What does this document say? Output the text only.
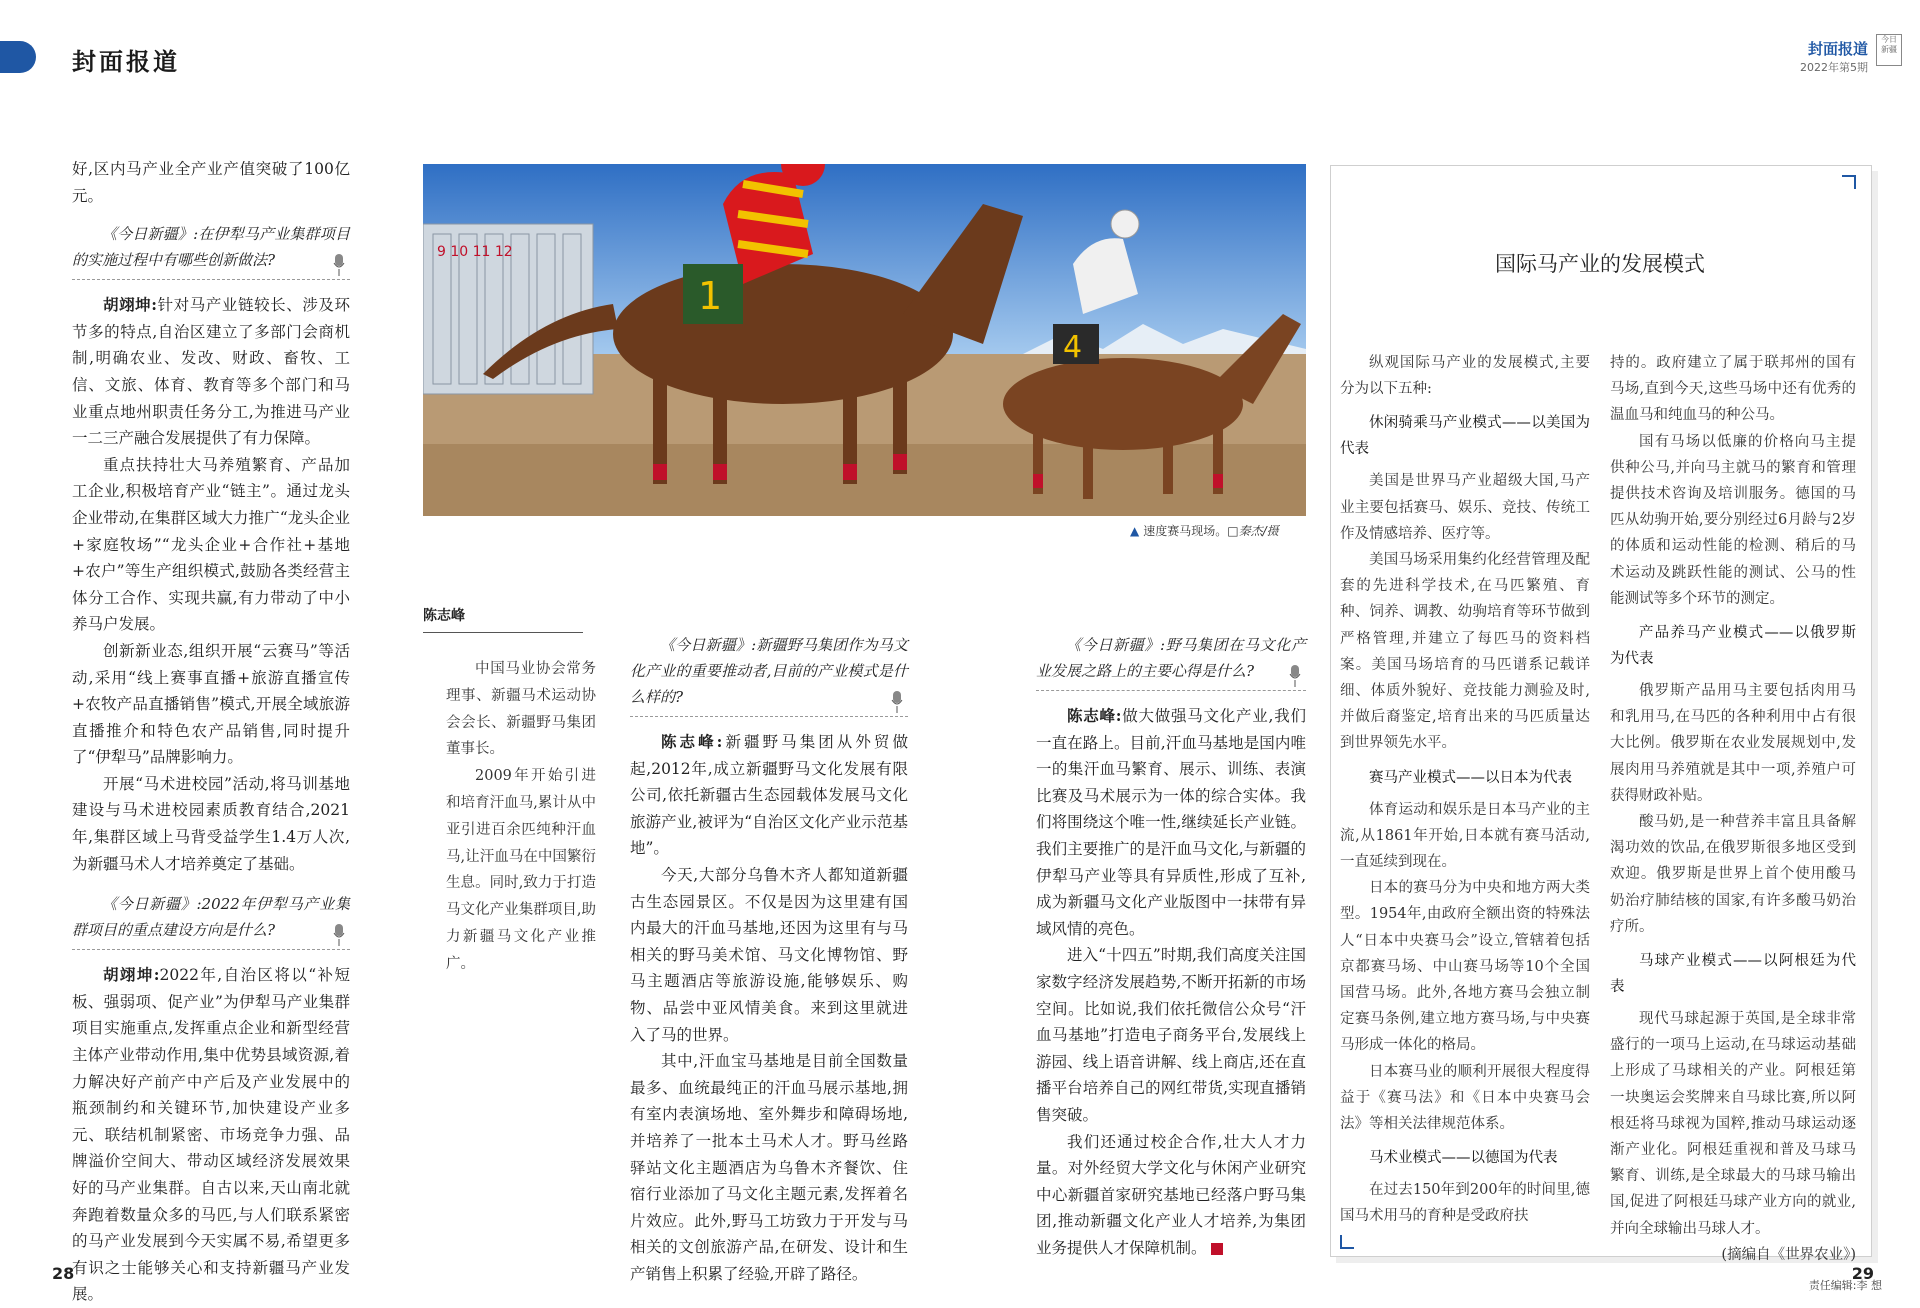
封面报道	封面报道
2022年第5期
今日
新疆

好,区内马产业全产业产值突破了100亿元。

《今日新疆》:在伊犁马产业集群项目的实施过程中有哪些创新做法?

胡翊坤:针对马产业链较长、涉及环节多的特点,自治区建立了多部门会商机制,明确农业、发改、财政、畜牧、工信、文旅、体育、教育等多个部门和马业重点地州职责任务分工,为推进马产业一二三产融合发展提供了有力保障。

重点扶持壮大马养殖繁育、产品加工企业,积极培育产业“链主”。通过龙头企业带动,在集群区域大力推广“龙头企业+家庭牧场”“龙头企业+合作社+基地+农户”等生产组织模式,鼓励各类经营主体分工合作、实现共赢,有力带动了中小养马户发展。

创新新业态,组织开展“云赛马”等活动,采用“线上赛事直播+旅游直播宣传+农牧产品直播销售”模式,开展全域旅游直播推介和特色农产品销售,同时提升了“伊犁马”品牌影响力。

开展“马术进校园”活动,将马训基地建设与马术进校园素质教育结合,2021年,集群区域上马背受益学生1.4万人次,为新疆马术人才培养奠定了基础。

《今日新疆》:2022年伊犁马产业集群项目的重点建设方向是什么?

胡翊坤:2022年,自治区将以“补短板、强弱项、促产业”为伊犁马产业集群项目实施重点,发挥重点企业和新型经营主体产业带动作用,集中优势县域资源,着力解决好产前产中产后及产业发展中的瓶颈制约和关键环节,加快建设产业多元、联结机制紧密、市场竞争力强、品牌溢价空间大、带动区域经济发展效果好的马产业集群。自古以来,天山南北就奔跑着数量众多的马匹,与人们联系紧密的马产业发展到今天实属不易,希望更多有识之士能够关心和支持新疆马产业发展。

9 10 11 12
1
4
▲ 速度赛马现场。□秦杰/摄
陈志峰

中国马业协会常务理事、新疆马术运动协会会长、新疆野马集团董事长。

2009年开始引进和培育汗血马,累计从中亚引进百余匹纯种汗血马,让汗血马在中国繁衍生息。同时,致力于打造马文化产业集群项目,助力新疆马文化产业推广。

《今日新疆》:新疆野马集团作为马文化产业的重要推动者,目前的产业模式是什么样的?

陈志峰:新疆野马集团从外贸做起,2012年,成立新疆野马文化发展有限公司,依托新疆古生态园载体发展马文化旅游产业,被评为“自治区文化产业示范基地”。

今天,大部分乌鲁木齐人都知道新疆古生态园景区。不仅是因为这里建有国内最大的汗血马基地,还因为这里有与马相关的野马美术馆、马文化博物馆、野马主题酒店等旅游设施,能够娱乐、购物、品尝中亚风情美食。来到这里就进入了马的世界。

其中,汗血宝马基地是目前全国数量最多、血统最纯正的汗血马展示基地,拥有室内表演场地、室外舞步和障碍场地,并培养了一批本土马术人才。野马丝路驿站文化主题酒店为乌鲁木齐餐饮、住宿行业添加了马文化主题元素,发挥着名片效应。此外,野马工坊致力于开发与马相关的文创旅游产品,在研发、设计和生产销售上积累了经验,开辟了路径。

《今日新疆》:野马集团在马文化产业发展之路上的主要心得是什么?

陈志峰:做大做强马文化产业,我们一直在路上。目前,汗血马基地是国内唯一的集汗血马繁育、展示、训练、表演比赛及马术展示为一体的综合实体。我们将围绕这个唯一性,继续延长产业链。我们主要推广的是汗血马文化,与新疆的伊犁马产业等具有异质性,形成了互补,成为新疆马文化产业版图中一抹带有异域风情的亮色。

进入“十四五”时期,我们高度关注国家数字经济发展趋势,不断开拓新的市场空间。比如说,我们依托微信公众号“汗血马基地”打造电子商务平台,发展线上游园、线上语音讲解、线上商店,还在直播平台培养自己的网红带货,实现直播销售突破。

我们还通过校企合作,壮大人才力量。对外经贸大学文化与休闲产业研究中心新疆首家研究基地已经落户野马集团,推动新疆文化产业人才培养,为集团业务提供人才保障机制。

国际马产业的发展模式

纵观国际马产业的发展模式,主要分为以下五种:

休闲骑乘马产业模式——以美国为代表

美国是世界马产业超级大国,马产业主要包括赛马、娱乐、竞技、传统工作及情感培养、医疗等。

美国马场采用集约化经营管理及配套的先进科学技术,在马匹繁殖、育种、饲养、调教、幼驹培育等环节做到严格管理,并建立了每匹马的资料档案。美国马场培育的马匹谱系记载详细、体质外貌好、竞技能力测验及时,并做后裔鉴定,培育出来的马匹质量达到世界领先水平。

赛马产业模式——以日本为代表

体育运动和娱乐是日本马产业的主流,从1861年开始,日本就有赛马活动,一直延续到现在。

日本的赛马分为中央和地方两大类型。1954年,由政府全额出资的特殊法人“日本中央赛马会”设立,管辖着包括京都赛马场、中山赛马场等10个全国国营马场。此外,各地方赛马会独立制定赛马条例,建立地方赛马场,与中央赛马形成一体化的格局。

日本赛马业的顺利开展很大程度得益于《赛马法》和《日本中央赛马会法》等相关法律规范体系。

马术业模式——以德国为代表

在过去150年到200年的时间里,德国马术用马的育种是受政府扶

持的。政府建立了属于联邦州的国有马场,直到今天,这些马场中还有优秀的温血马和纯血马的种公马。

国有马场以低廉的价格向马主提供种公马,并向马主就马的繁育和管理提供技术咨询及培训服务。德国的马匹从幼驹开始,要分别经过6月龄与2岁的体质和运动性能的检测、稍后的马术运动及跳跃性能的测试、公马的性能测试等多个环节的测定。

产品养马产业模式——以俄罗斯为代表

俄罗斯产品用马主要包括肉用马和乳用马,在马匹的各种利用中占有很大比例。俄罗斯在农业发展规划中,发展肉用马养殖就是其中一项,养殖户可获得财政补贴。

酸马奶,是一种营养丰富且具备解渴功效的饮品,在俄罗斯很多地区受到欢迎。俄罗斯是世界上首个使用酸马奶治疗肺结核的国家,有许多酸马奶治疗所。

马球产业模式——以阿根廷为代表

现代马球起源于英国,是全球非常盛行的一项马上运动,在马球运动基础上形成了马球相关的产业。阿根廷第一块奥运会奖牌来自马球比赛,所以阿根廷将马球视为国粹,推动马球运动逐渐产业化。阿根廷重视和普及马球马繁育、训练,是全球最大的马球马输出国,促进了阿根廷马球产业方向的就业,并向全球输出马球人才。

(摘编自《世界农业》)

责任编辑:李 想
28	29
